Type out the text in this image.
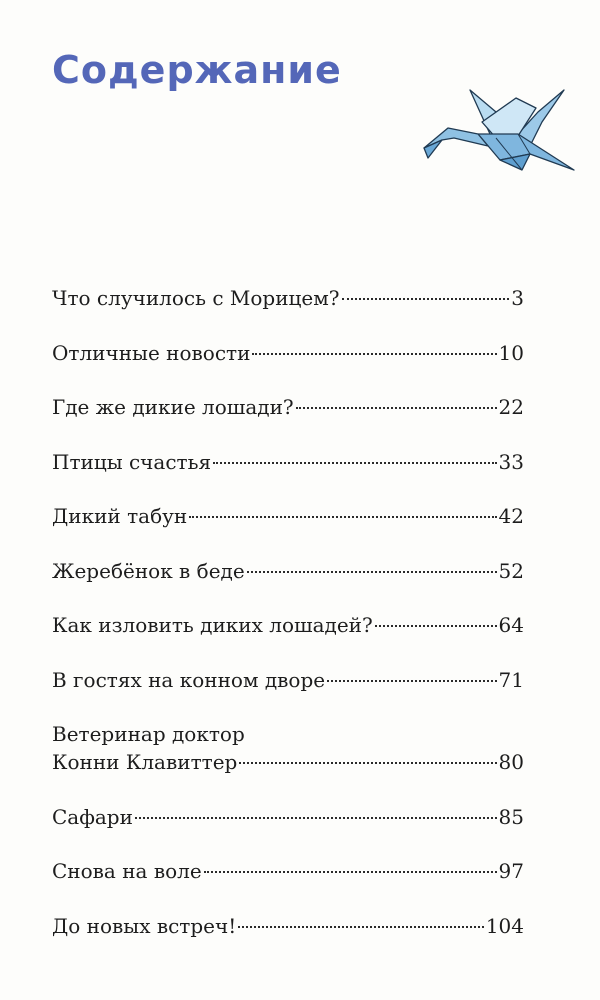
Содержание
Что случилось с Морицем?	3
Отличные новости	10
Где же дикие лошади?	22
Птицы счастья	33
Дикий табун	42
Жеребёнок в беде	52
Как изловить диких лошадей?	64
В гостях на конном дворе	71
Ветеринар доктор
Конни Клавиттер	80
Сафари	85
Снова на воле	97
До новых встреч!	104
